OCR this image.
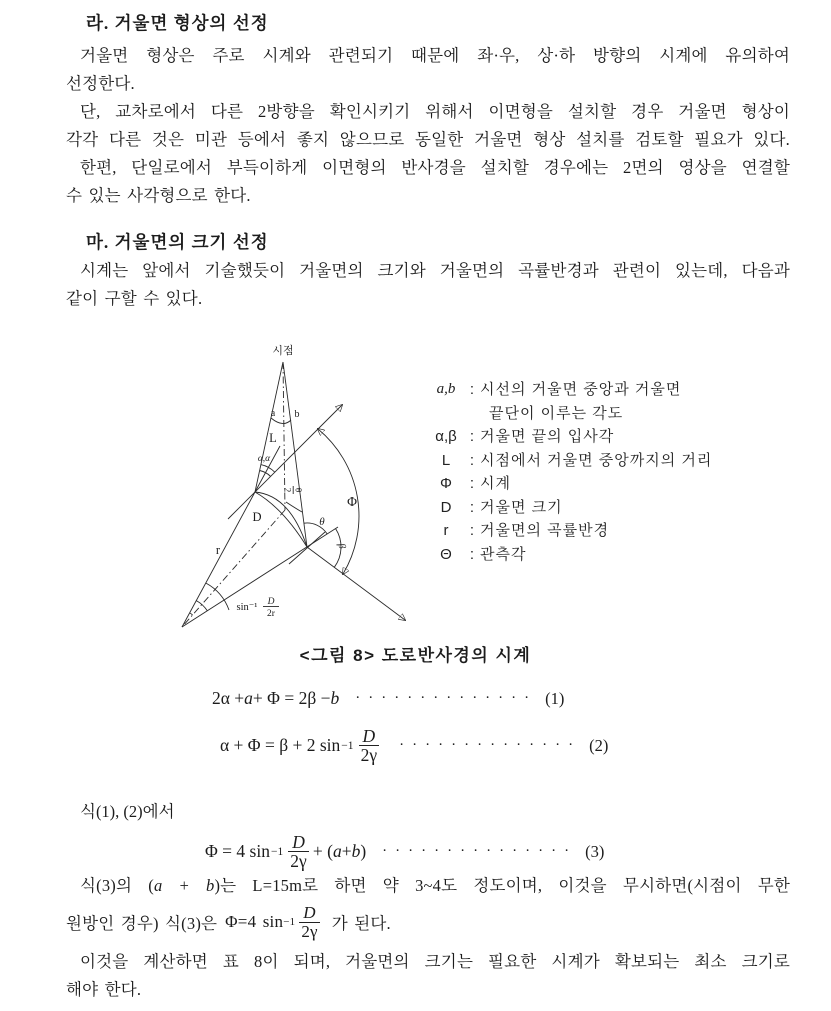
라. 거울면 형상의 선정
거울면 형상은 주로 시계와 관련되기 때문에 좌·우, 상·하 방향의 시계에 유의하여
선정한다.
단, 교차로에서 다른 2방향을 확인시키기 위해서 이면형을 설치할 경우 거울면 형상이
각각 다른 것은 미관 등에서 좋지 않으므로 동일한 거울면 형상 설치를 검토할 필요가 있다.
한편, 단일로에서 부득이하게 이면형의 반사경을 설치할 경우에는 2면의 영상을 연결할
수 있는 사각형으로 한다.
마. 거울면의 크기 선정
시계는 앞에서 기술했듯이 거울면의 크기와 거울면의 곡률반경과 관련이 있는데, 다음과
같이 구할 수 있다.
시점
a b
L
α,α
θ
2
D
r
θ
β
Φ
sin⁻¹ D
2r
a,b : 시선의 거울면 중앙과 거울면
끝단이 이루는 각도
α,β : 거울면 끝의 입사각
L	: 시점에서 거울면 중앙까지의 거리
Φ	: 시계
D	: 거울면 크기
r	: 거울면의 곡률반경
Θ	: 관측각
<그림 8> 도로반사경의 시계
2α + a + Φ = 2β − b ·············· (1)
α + Φ = β + 2 $\sin -1 \frac{D}{2\gamma}$ ·············· (2)
식(1), (2)에서
Φ = 4 $\sin -1 \frac{D}{2\gamma}$ + ( a + b ) ··············· (3)
식(3)의 (a + b)는 L=15m로 하면 약 3~4도 정도이며, 이것을 무시하면(시점이 무한
원방인 경우) 식(3)은 Φ=4 $\sin -1 \frac{D}{2\gamma}$ 가 된다.
이것을 계산하면 표 8이 되며, 거울면의 크기는 필요한 시계가 확보되는 최소 크기로
해야 한다.
